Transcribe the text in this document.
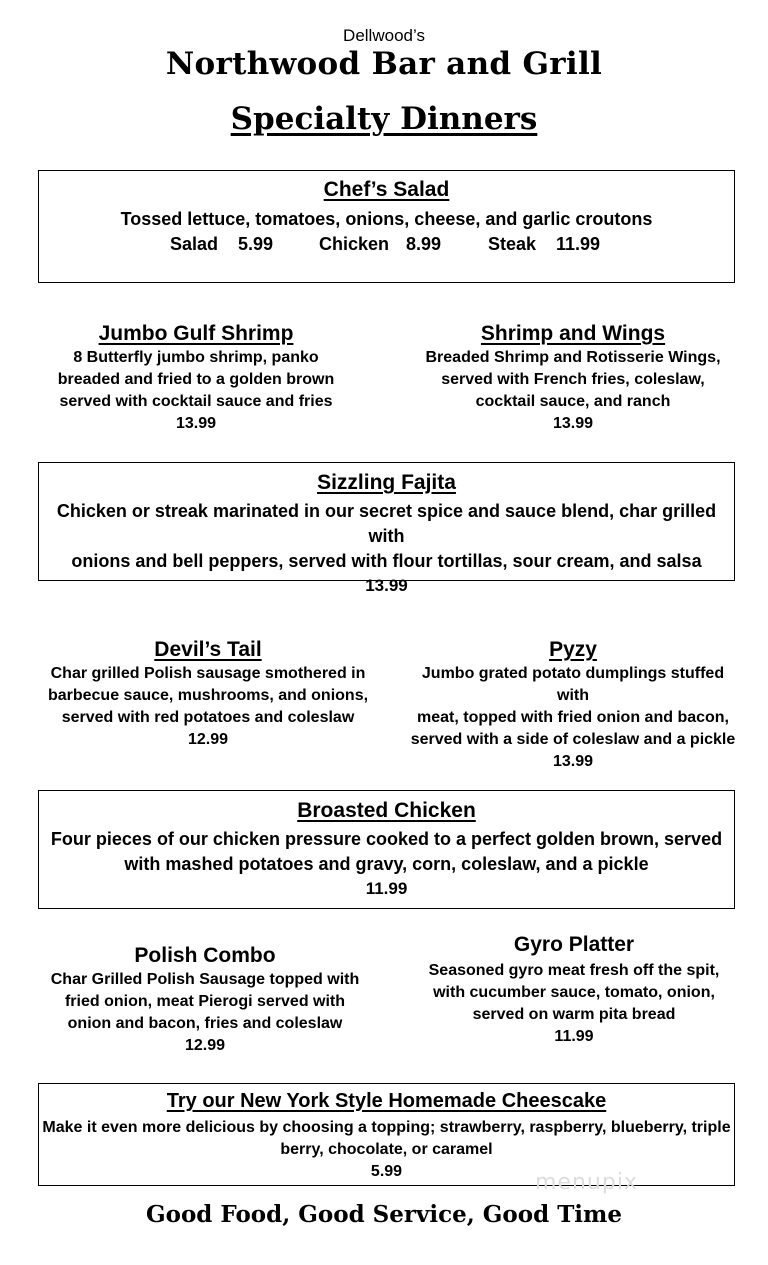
Dellwood’s
Northwood Bar and Grill
Specialty Dinners
Chef’s Salad
Tossed lettuce, tomatoes, onions, cheese, and garlic croutons
Salad 5.99	Chicken 8.99	Steak 11.99
Jumbo Gulf Shrimp
8 Butterfly jumbo shrimp, panko
breaded and fried to a golden brown
served with cocktail sauce and fries
13.99
Shrimp and Wings
Breaded Shrimp and Rotisserie Wings,
served with French fries, coleslaw,
cocktail sauce, and ranch
13.99
Sizzling Fajita
Chicken or streak marinated in our secret spice and sauce blend, char grilled with
onions and bell peppers, served with flour tortillas, sour cream, and salsa
13.99
Devil’s Tail
Char grilled Polish sausage smothered in
barbecue sauce, mushrooms, and onions,
served with red potatoes and coleslaw
12.99
Pyzy
Jumbo grated potato dumplings stuffed with
meat, topped with fried onion and bacon,
served with a side of coleslaw and a pickle
13.99
Broasted Chicken
Four pieces of our chicken pressure cooked to a perfect golden brown, served
with mashed potatoes and gravy, corn, coleslaw, and a pickle
11.99
Polish Combo
Char Grilled Polish Sausage topped with
fried onion, meat Pierogi served with
onion and bacon, fries and coleslaw
12.99
Gyro Platter
Seasoned gyro meat fresh off the spit,
with cucumber sauce, tomato, onion,
served on warm pita bread
11.99
Try our New York Style Homemade Cheescake
Make it even more delicious by choosing a topping; strawberry, raspberry, blueberry, triple
berry, chocolate, or caramel
5.99	menupix
Good Food, Good Service, Good Time
